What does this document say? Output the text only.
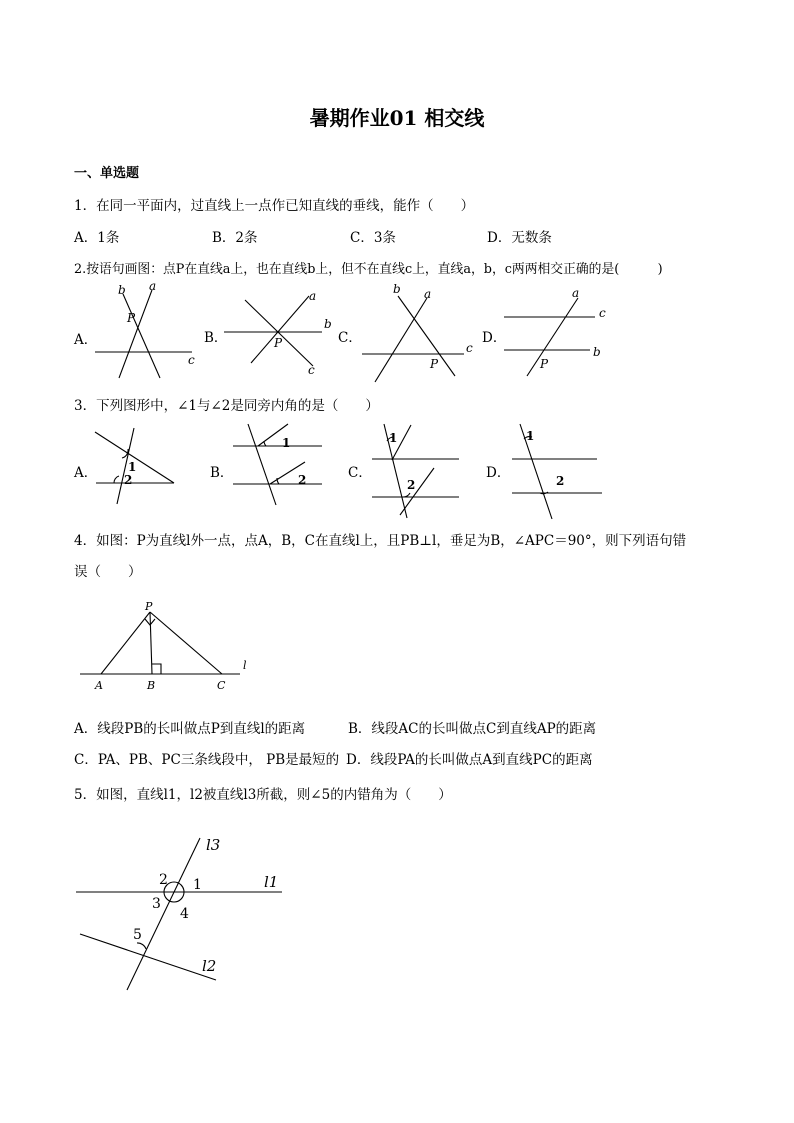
暑期作业01 相交线
一、单选题
1．在同一平面内，过直线上一点作已知直线的垂线，能作（　　）
A．1条	B．2条	C．3条	D．无数条
2.按语句画图：点P在直线a上，也在直线b上，但不在直线c上，直线a，b，c两两相交正确的是(　　　)
A．	B．	C．	D．
3．下列图形中，∠1与∠2是同旁内角的是（　　）
A．	B．	C．	D．
4．如图：P为直线l外一点，点A，B，C在直线l上，且PB⊥l，垂足为B，∠APC＝90°，则下列语句错
误（　　）
A．线段PB的长叫做点P到直线l的距离	B．线段AC的长叫做点C到直线AP的距离
C．PA、PB、PC三条线段中， PB是最短的 D．线段PA的长叫做点A到直线PC的距离
5．如图，直线l1，l2被直线l3所截，则∠5的内错角为（　　）
a
b
c
P
a
b
c
P
a
b
c
P
a
b
c
P
1
2
1
2
1
2
1
2
P
A	B	C
l
l3
l1
l2
1
2
3
4
5
